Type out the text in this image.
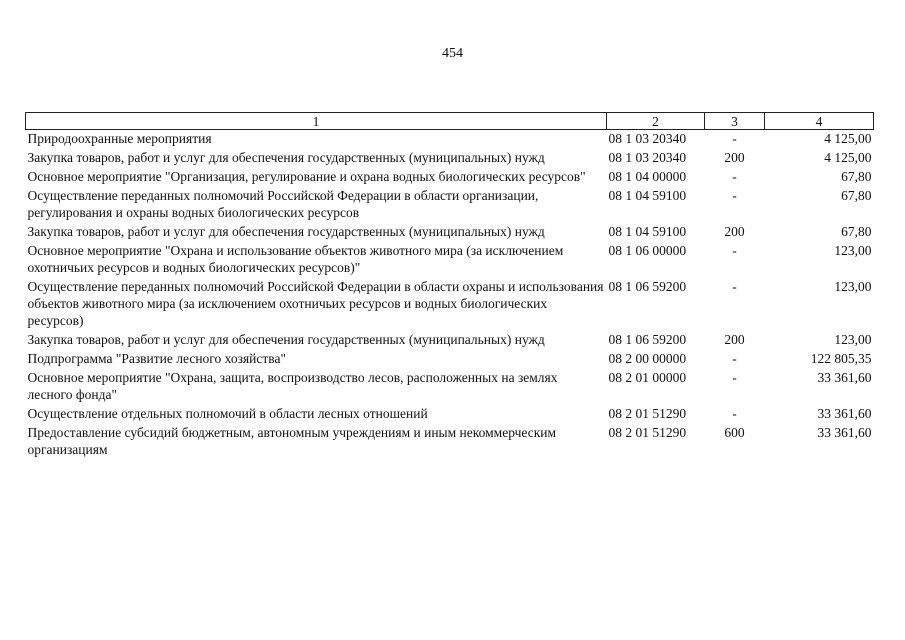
454
1	2	3	4
Природоохранные мероприятия	08 1 03 20340	-	4 125,00
Закупка товаров, работ и услуг для обеспечения государственных (муниципальных) нужд	08 1 03 20340	200	4 125,00
Основное мероприятие "Организация, регулирование и охрана водных биологических ресурсов"	08 1 04 00000	-	67,80
Осуществление переданных полномочий Российской Федерации в области организации, регулирования и охраны водных биологических ресурсов	08 1 04 59100	-	67,80
Закупка товаров, работ и услуг для обеспечения государственных (муниципальных) нужд	08 1 04 59100	200	67,80
Основное мероприятие "Охрана и использование объектов животного мира (за исключением охотничьих ресурсов и водных биологических ресурсов)"	08 1 06 00000	-	123,00
Осуществление переданных полномочий Российской Федерации в области охраны и использования объектов животного мира (за исключением охотничьих ресурсов и водных биологических ресурсов)	08 1 06 59200	-	123,00
Закупка товаров, работ и услуг для обеспечения государственных (муниципальных) нужд	08 1 06 59200	200	123,00
Подпрограмма "Развитие лесного хозяйства"	08 2 00 00000	-	122 805,35
Основное мероприятие "Охрана, защита, воспроизводство лесов, расположенных на землях лесного фонда"	08 2 01 00000	-	33 361,60
Осуществление отдельных полномочий в области лесных отношений	08 2 01 51290	-	33 361,60
Предоставление субсидий бюджетным, автономным учреждениям и иным некоммерческим организациям	08 2 01 51290	600	33 361,60
